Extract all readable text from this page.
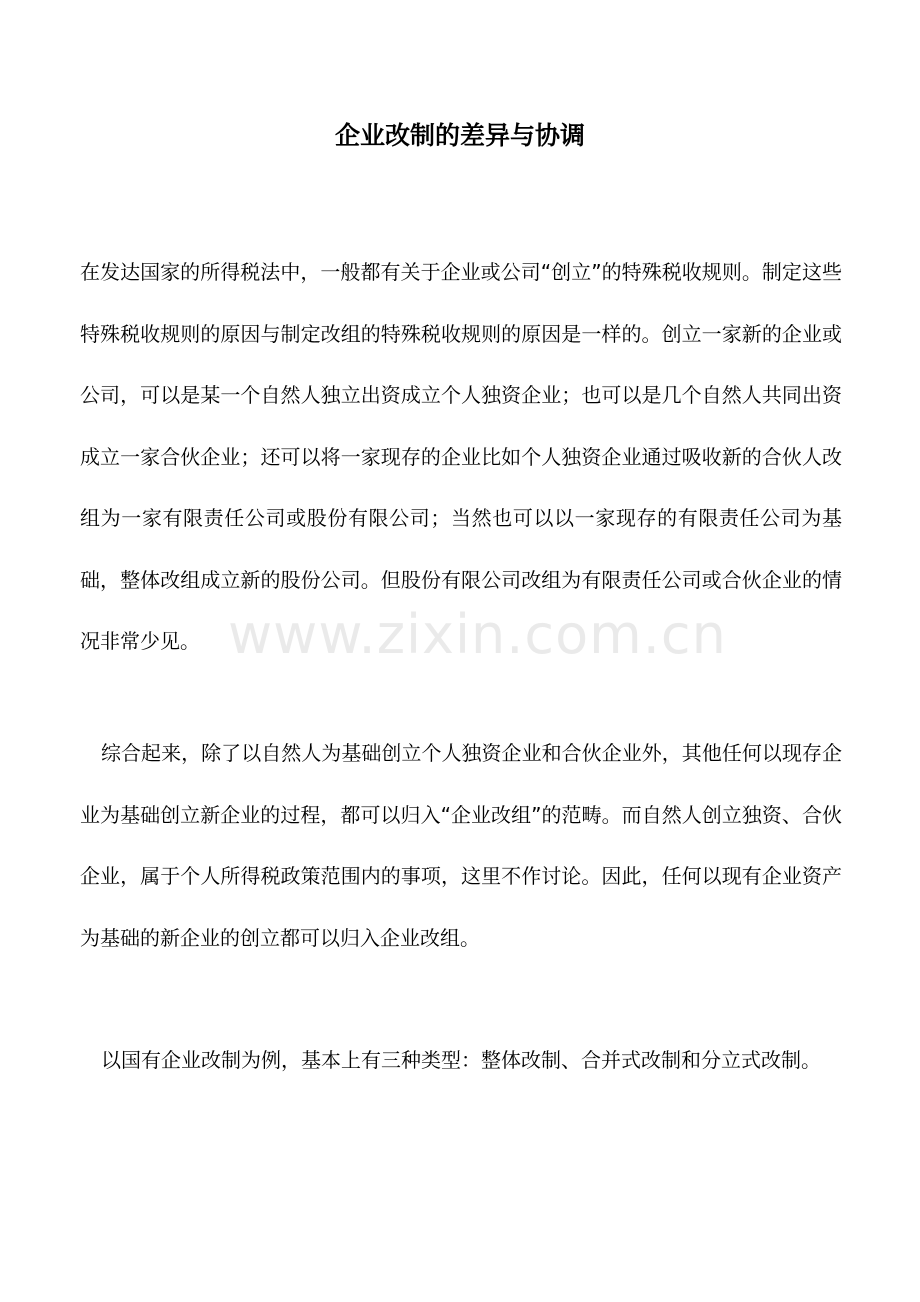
企业改制的差异与协调

在发达国家的所得税法中，一般都有关于企业或公司“创立”的特殊税收规则。制定这些特殊税收规则的原因与制定改组的特殊税收规则的原因是一样的。创立一家新的企业或公司，可以是某一个自然人独立出资成立个人独资企业；也可以是几个自然人共同出资成立一家合伙企业；还可以将一家现存的企业比如个人独资企业通过吸收新的合伙人改组为一家有限责任公司或股份有限公司；当然也可以以一家现存的有限责任公司为基础，整体改组成立新的股份公司。但股份有限公司改组为有限责任公司或合伙企业的情况非常少见。

综合起来，除了以自然人为基础创立个人独资企业和合伙企业外，其他任何以现存企业为基础创立新企业的过程，都可以归入“企业改组”的范畴。而自然人创立独资、合伙企业，属于个人所得税政策范围内的事项，这里不作讨论。因此，任何以现有企业资产为基础的新企业的创立都可以归入企业改组。

以国有企业改制为例，基本上有三种类型：整体改制、合并式改制和分立式改制。

www.zixin.com.cn
